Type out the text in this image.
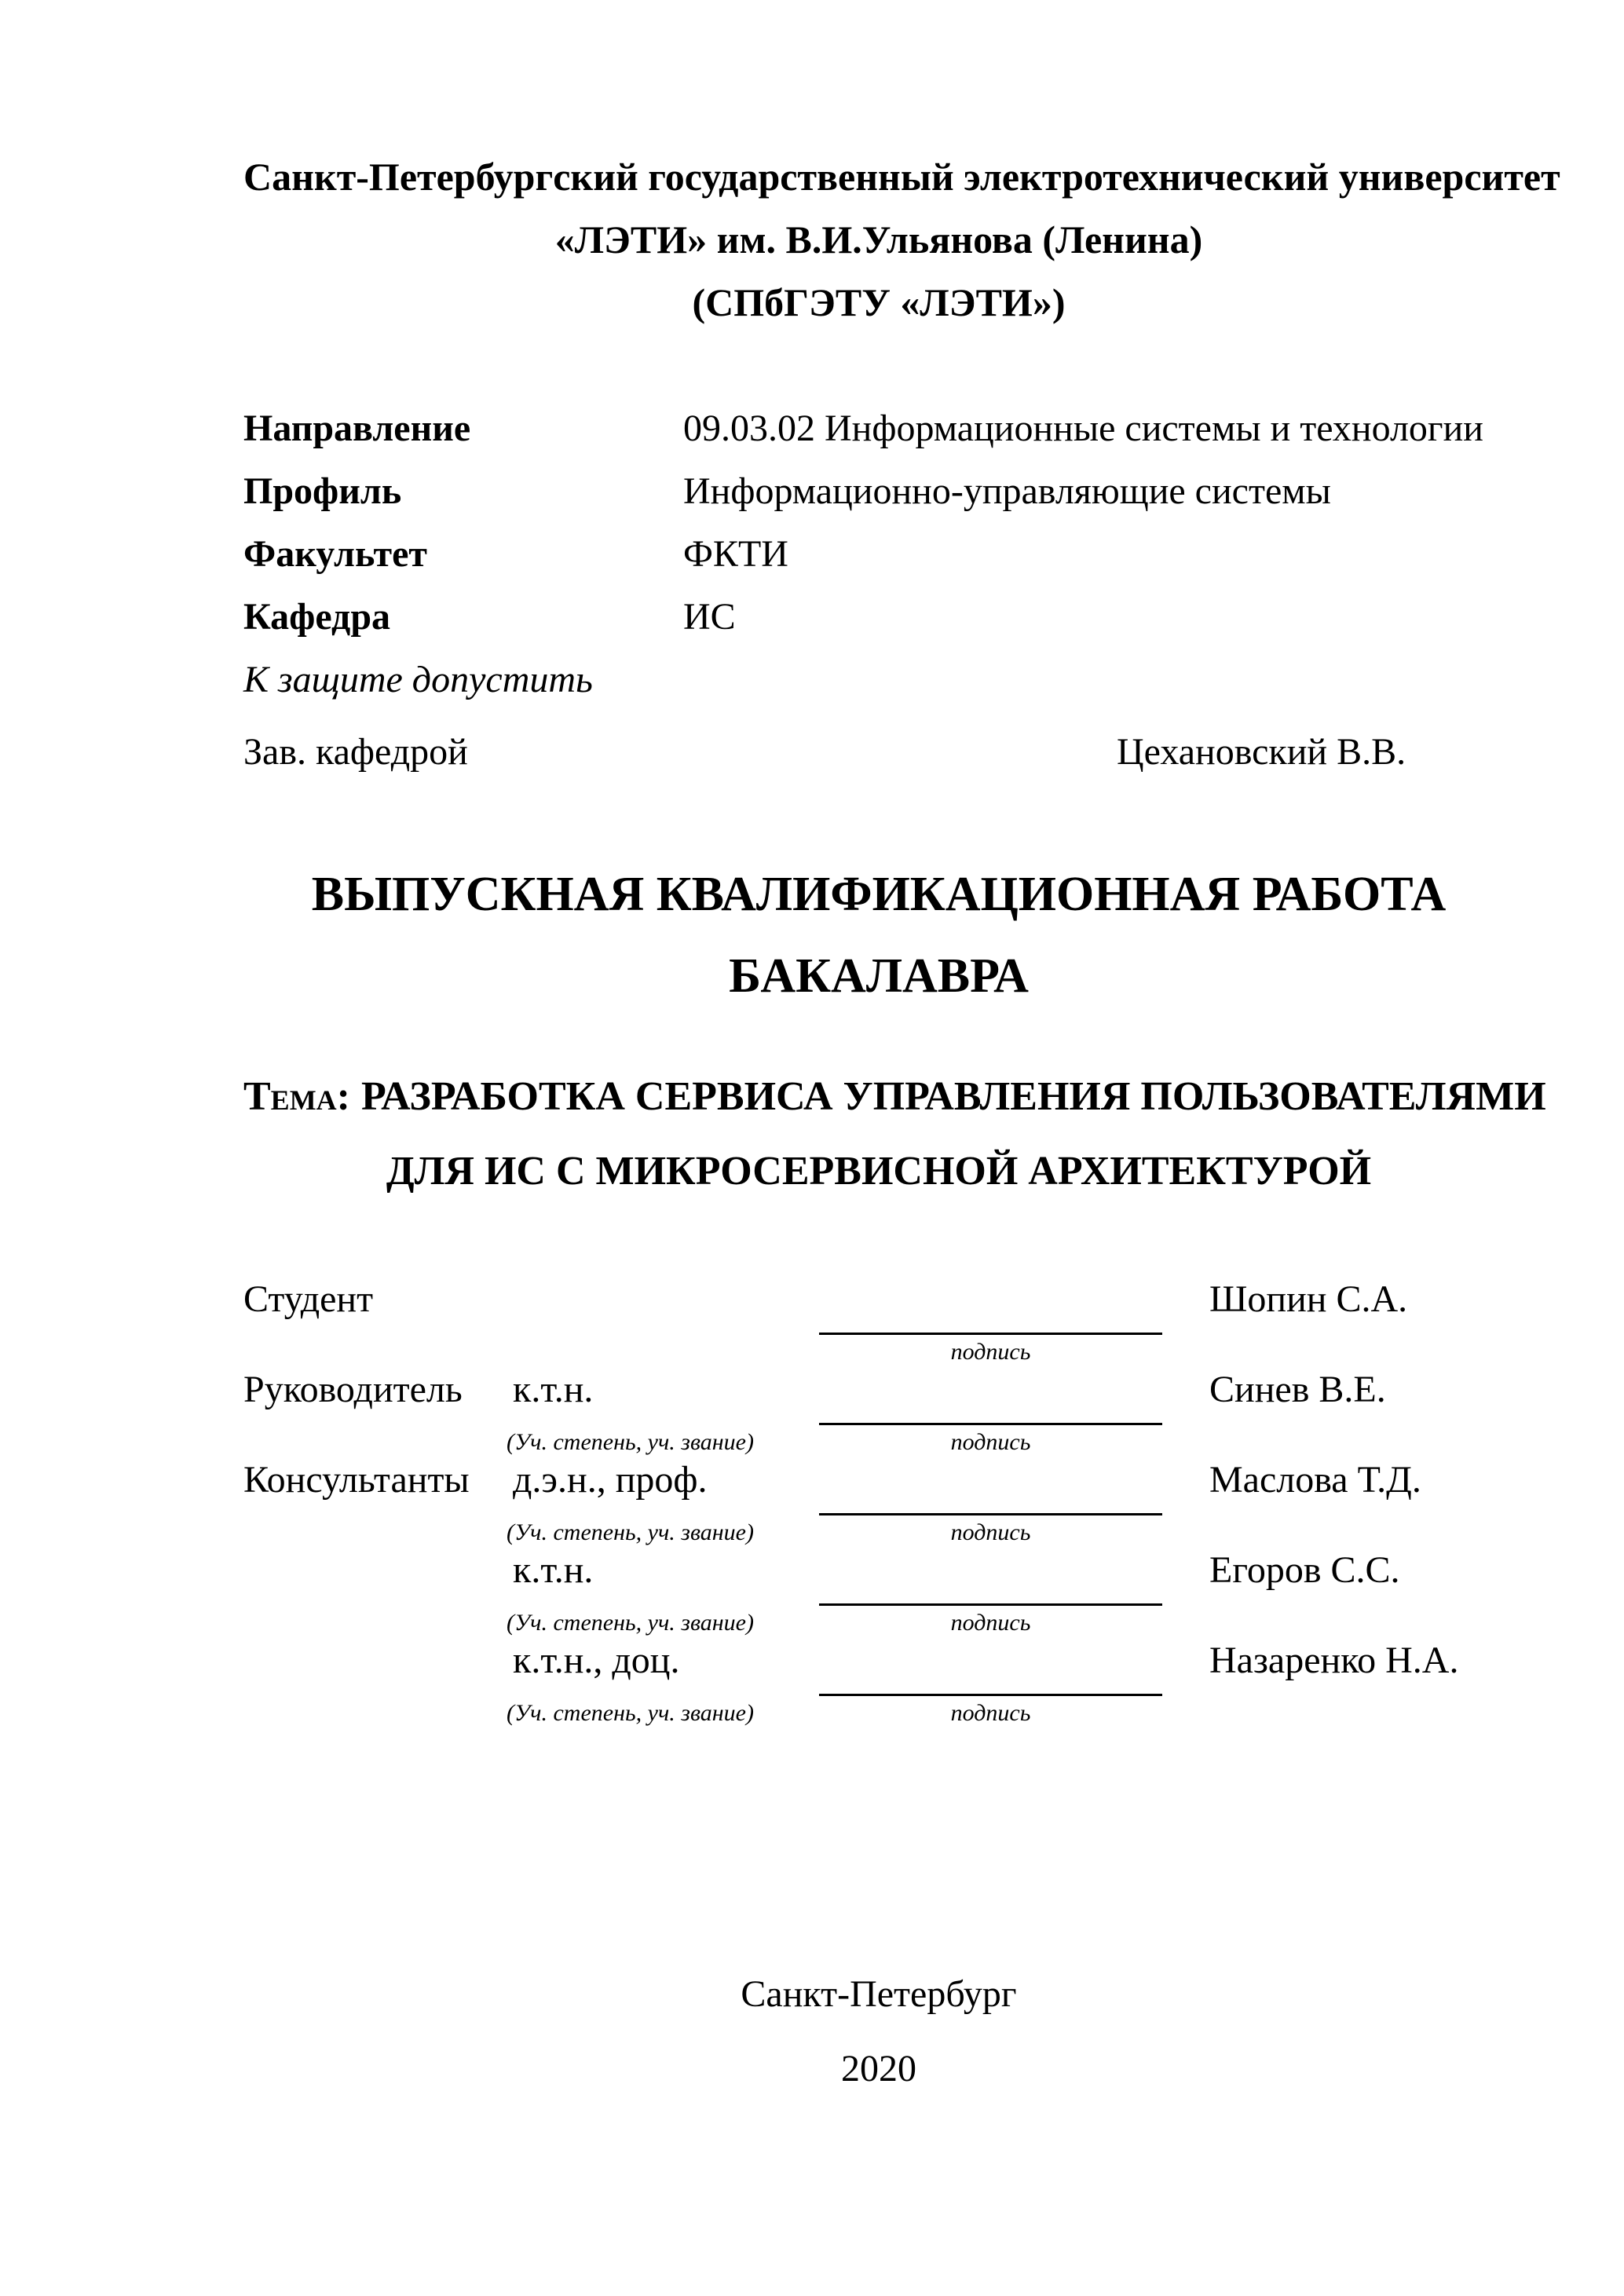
Санкт-Петербургский государственный электротехнический университет
«ЛЭТИ» им. В.И.Ульянова (Ленина)
(СПбГЭТУ «ЛЭТИ»)
Направление	09.03.02 Информационные системы и технологии
Профиль	Информационно-управляющие системы
Факультет	ФКТИ
Кафедра	ИС
К защите допустить
Зав. кафедрой	Цехановский В.В.
ВЫПУСКНАЯ КВАЛИФИКАЦИОННАЯ РАБОТА
БАКАЛАВРА
Тема: РАЗРАБОТКА СЕРВИСА УПРАВЛЕНИЯ ПОЛЬЗОВАТЕЛЯМИ
ДЛЯ ИС С МИКРОСЕРВИСНОЙ АРХИТЕКТУРОЙ
Студент	Шопин С.А.
подпись
Руководитель к.т.н.	Синев В.Е.
(Уч. степень, уч. звание)	подпись
Консультанты д.э.н., проф.	Маслова Т.Д.
(Уч. степень, уч. звание)	подпись
к.т.н.	Егоров С.С.
(Уч. степень, уч. звание)	подпись
к.т.н., доц.	Назаренко Н.А.
(Уч. степень, уч. звание)	подпись
Санкт-Петербург
2020
